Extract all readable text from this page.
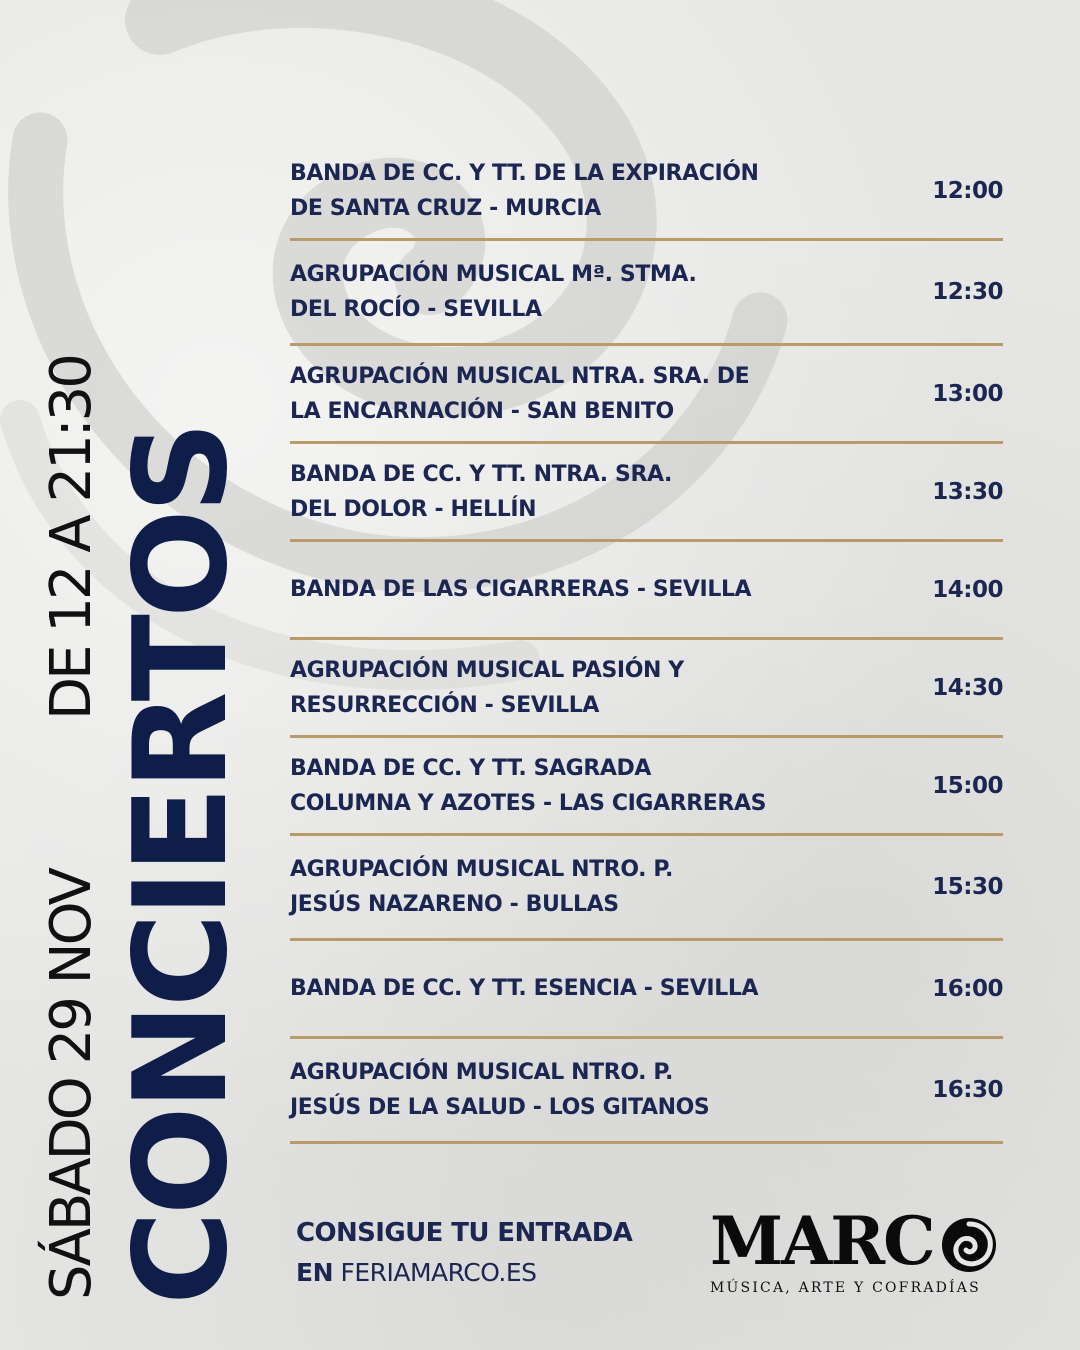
SÁBADO 29 NOV
DE 12 A 21:30 CONCIERTOS
BANDA DE CC. Y TT. DE LA EXPIRACIÓN
DE SANTA CRUZ - MURCIA
12:00
AGRUPACIÓN MUSICAL Mª. STMA.
DEL ROCÍO - SEVILLA
12:30
AGRUPACIÓN MUSICAL NTRA. SRA. DE
LA ENCARNACIÓN - SAN BENITO
13:00
BANDA DE CC. Y TT. NTRA. SRA.
DEL DOLOR - HELLÍN
13:30
BANDA DE LAS CIGARRERAS - SEVILLA	14:00
AGRUPACIÓN MUSICAL PASIÓN Y
RESURRECCIÓN - SEVILLA
14:30
BANDA DE CC. Y TT. SAGRADA
COLUMNA Y AZOTES - LAS CIGARRERAS
15:00
AGRUPACIÓN MUSICAL NTRO. P.
JESÚS NAZARENO - BULLAS
15:30
BANDA DE CC. Y TT. ESENCIA - SEVILLA	16:00
AGRUPACIÓN MUSICAL NTRO. P.
JESÚS DE LA SALUD - LOS GITANOS
16:30
CONSIGUE TU ENTRADA
EN FERIAMARCO.ES	MARC
MÚSICA, ARTE Y COFRADÍAS
